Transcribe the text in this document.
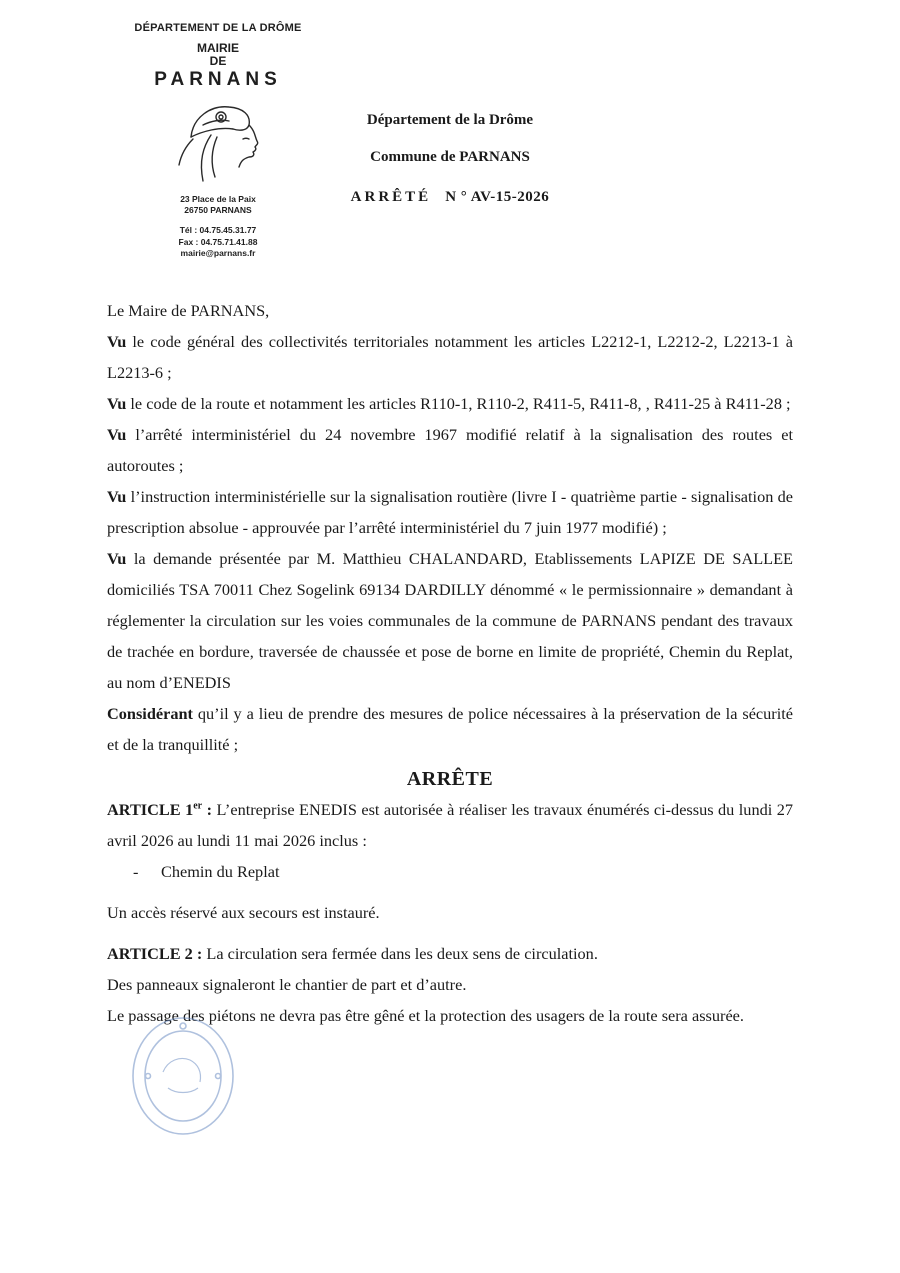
DÉPARTEMENT DE LA DRÔME
MAIRIE
DE
PARNANS
23 Place de la Paix
26750 PARNANS
Tél : 04.75.45.31.77
Fax : 04.75.71.41.88
mairie@parnans.fr
Département de la Drôme
Commune de PARNANS
ARRÊTÉ N ° AV-15-2026

Le Maire de PARNANS,

Vu le code général des collectivités territoriales notamment les articles L2212-1, L2212-2, L2213-1 à L2213-6 ;

Vu le code de la route et notamment les articles R110-1, R110-2, R411-5, R411-8, , R411-25 à R411-28 ;

Vu l’arrêté interministériel du 24 novembre 1967 modifié relatif à la signalisation des routes et autoroutes ;

Vu l’instruction interministérielle sur la signalisation routière (livre I - quatrième partie - signalisation de prescription absolue - approuvée par l’arrêté interministériel du 7 juin 1977 modifié) ;

Vu la demande présentée par M. Matthieu CHALANDARD, Etablissements LAPIZE DE SALLEE domiciliés TSA 70011 Chez Sogelink 69134 DARDILLY dénommé « le permissionnaire » demandant à réglementer la circulation sur les voies communales de la commune de PARNANS pendant des travaux de trachée en bordure, traversée de chaussée et pose de borne en limite de propriété, Chemin du Replat, au nom d’ENEDIS

Considérant qu’il y a lieu de prendre des mesures de police nécessaires à la préservation de la sécurité et de la tranquillité ;

ARRÊTE

ARTICLE 1er : L’entreprise ENEDIS est autorisée à réaliser les travaux énumérés ci-dessus du lundi 27 avril 2026 au lundi 11 mai 2026 inclus :

- Chemin du Replat

Un accès réservé aux secours est instauré.

ARTICLE 2 : La circulation sera fermée dans les deux sens de circulation.

Des panneaux signaleront le chantier de part et d’autre.

Le passage des piétons ne devra pas être gêné et la protection des usagers de la route sera assurée.
